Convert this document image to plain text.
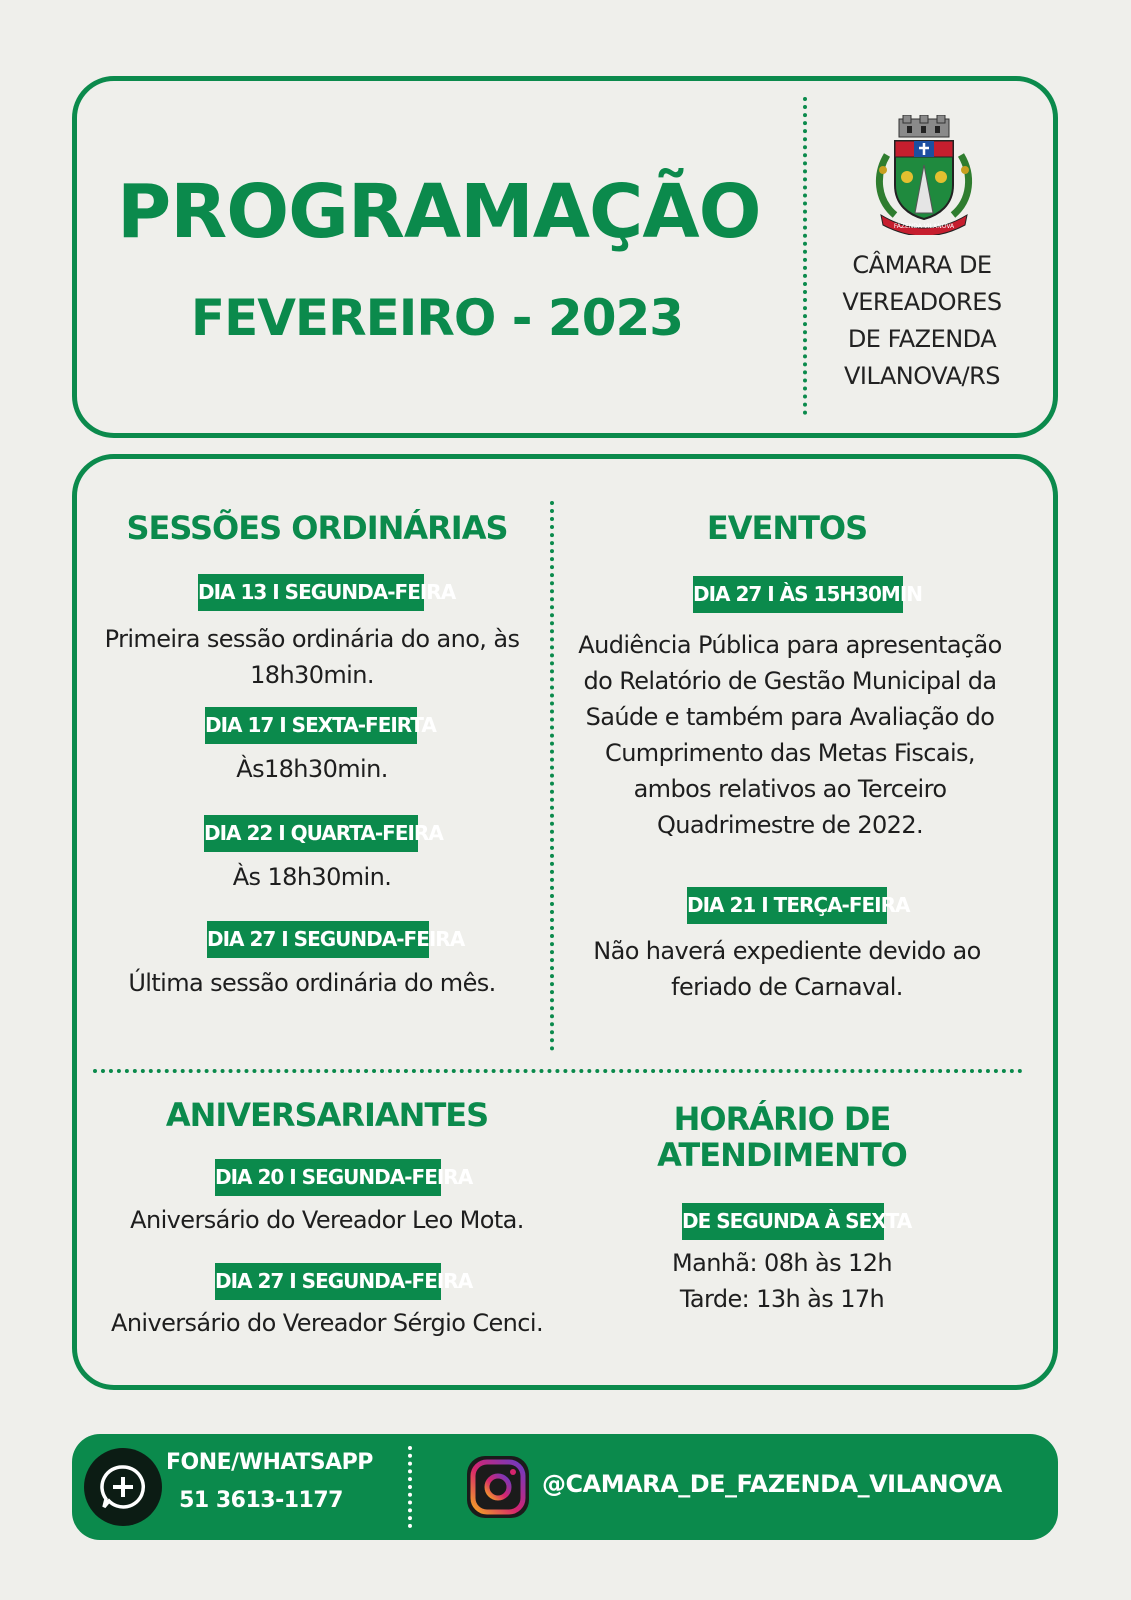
PROGRAMAÇÃO
FEVEREIRO - 2023
FAZENDA VILANOVA
CÂMARA DE VEREADORES DE FAZENDA VILANOVA/RS
SESSÕES ORDINÁRIAS
DIA 13 I SEGUNDA-FEIRA
Primeira sessão ordinária do ano, às 18h30min.
DIA 17 I SEXTA-FEIRTA
Às18h30min.
DIA 22 I QUARTA-FEIRA
Às 18h30min.
DIA 27 I SEGUNDA-FEIRA
Última sessão ordinária do mês.
EVENTOS
DIA 27 I ÀS 15H30MIN
Audiência Pública para apresentação do Relatório de Gestão Municipal da Saúde e também para Avaliação do Cumprimento das Metas Fiscais, ambos relativos ao Terceiro Quadrimestre de 2022.
DIA 21 I TERÇA-FEIRA
Não haverá expediente devido ao feriado de Carnaval.
ANIVERSARIANTES
DIA 20 I SEGUNDA-FEIRA
Aniversário do Vereador Leo Mota.
DIA 27 I SEGUNDA-FEIRA
Aniversário do Vereador Sérgio Cenci.
HORÁRIO DE ATENDIMENTO
DE SEGUNDA À SEXTA
Manhã: 08h às 12h
Tarde: 13h às 17h
FONE/WHATSAPP
51 3613-1177
@CAMARA_DE_FAZENDA_VILANOVA
